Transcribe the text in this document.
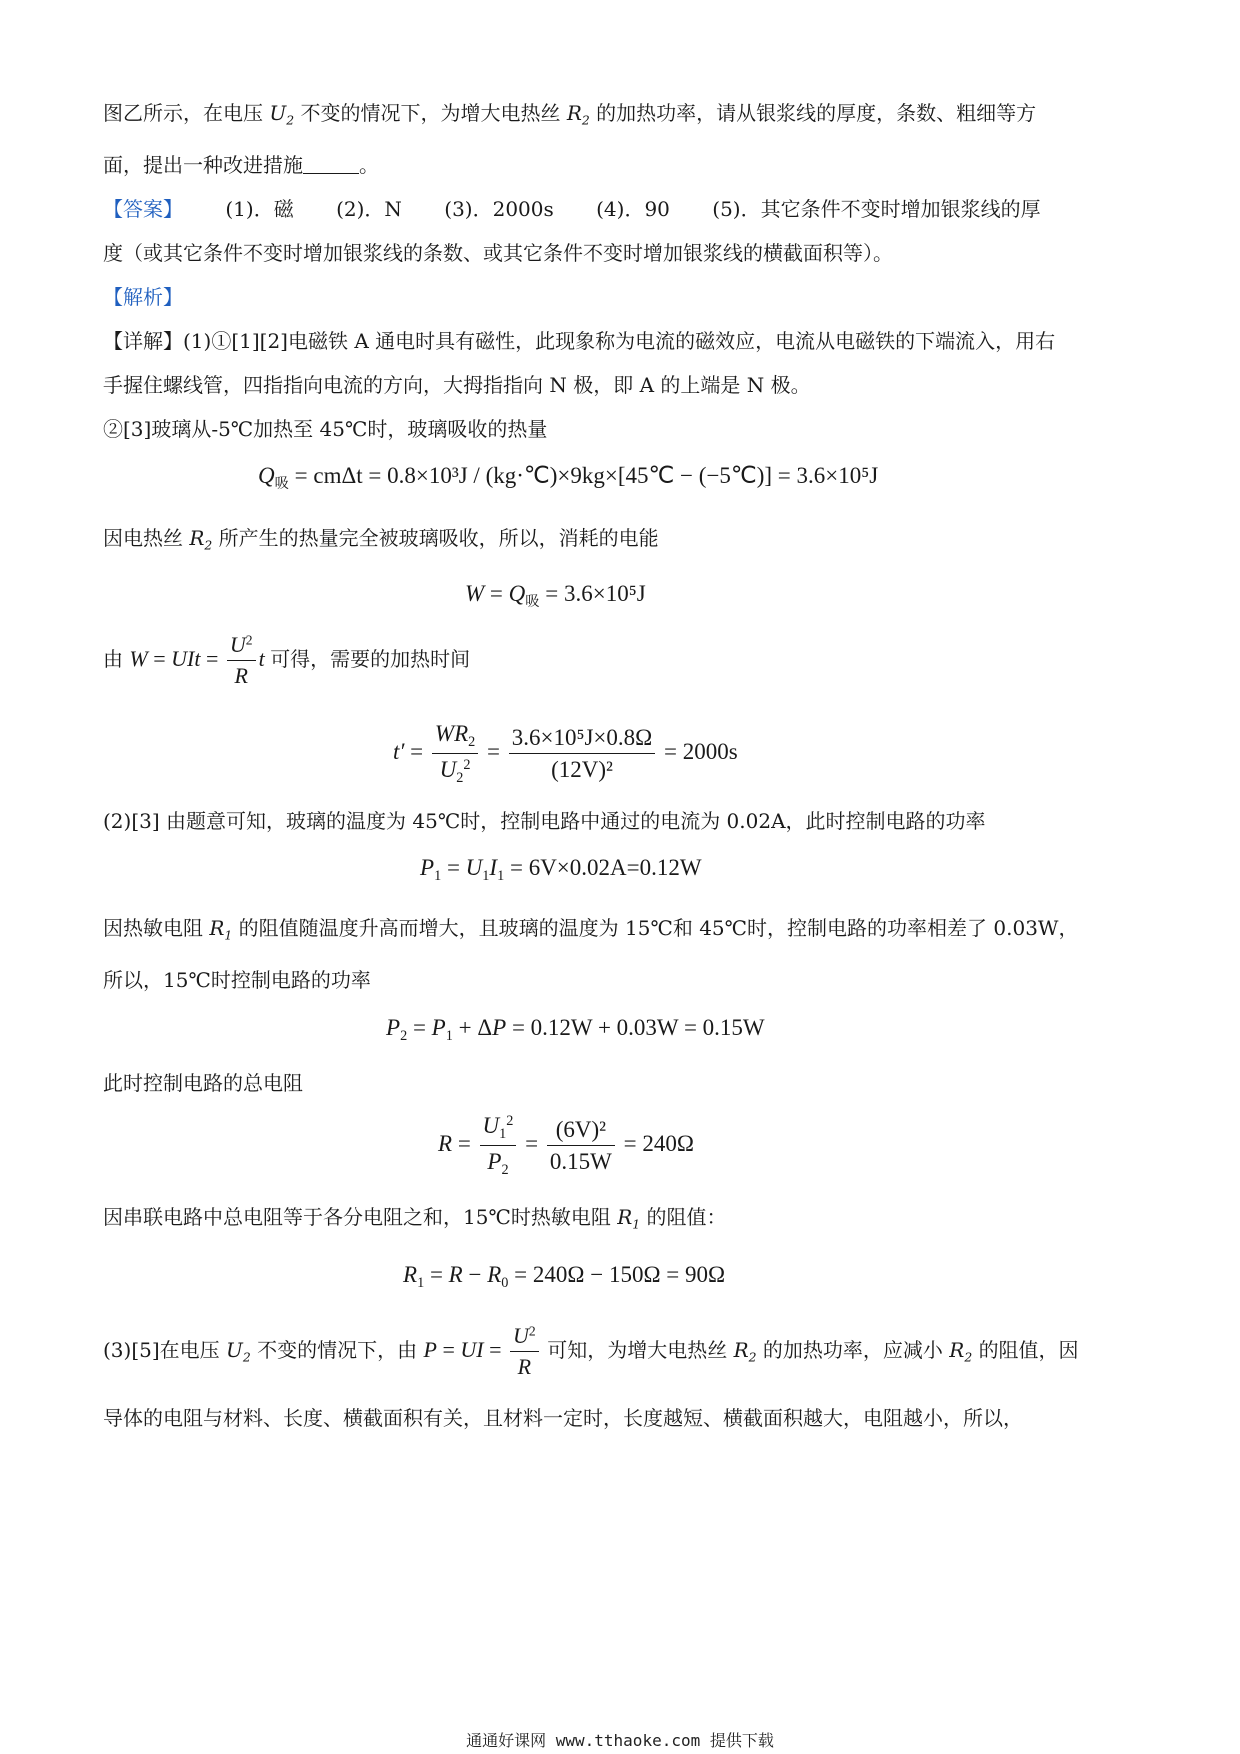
图乙所示，在电压 $U_2$ 不变的情况下，为增大电热丝 $R_2$ 的加热功率，请从银浆线的厚度，条数、粗细等方
面，提出一种改进措施	。
【答案】 (1)．磁 (2)．N (3)．2000s (4)．90 (5)．其它条件不变时增加银浆线的厚
度（或其它条件不变时增加银浆线的条数、或其它条件不变时增加银浆线的横截面积等）。
【解析】
【详解】(1)①[1][2]电磁铁 A 通电时具有磁性，此现象称为电流的磁效应，电流从电磁铁的下端流入，用右
手握住螺线管，四指指向电流的方向，大拇指指向 N 极，即 A 的上端是 N 极。
②[3]玻璃从-5℃加热至 45℃时，玻璃吸收的热量
$Q_吸 = cm\Delta t = 0.8\times 10^3J$ / (kg·℃)×9kg×[45℃ − (−5℃)] = 3.6×10⁵J
因电热丝 $R_2$ 所产生的热量完全被玻璃吸收，所以，消耗的电能
$W = Q_吸 = 3.6\times 10^5J$
由 W = UIt = $\frac{U^2}{R}$ t 可得，需要的加热时间
$t' = \frac{WR_2}{U_2^2} = \frac{\text{3.6×10⁵J×0.8Ω}}{\text{(12V)²}} = 2000s$
(2)[3] 由题意可知，玻璃的温度为 45℃时，控制电路中通过的电流为 0.02A，此时控制电路的功率
$P_1 = U_1I_1 = 6V\times 0.02A=0.12W$
因热敏电阻 $R_1$ 的阻值随温度升高而增大，且玻璃的温度为 15℃和 45℃时，控制电路的功率相差了 0.03W，
所以，15℃时控制电路的功率
$P_2 = P_1 + \Delta P = 0.12W + 0.03W = 0.15W$
此时控制电路的总电阻
$R = \frac{U_1^2}{P_2} = \frac{\text{(6V)²}}{0.15W} = 240\Omega$
因串联电路中总电阻等于各分电阻之和，15℃时热敏电阻 $R_1$ 的阻值：
$R_1 = R - R_0 = 240\Omega - 150\Omega = 90\Omega$
(3)[5]在电压 $U_2$ 不变的情况下，由 P = UI = $\frac{U^2}{R}$ 可知，为增大电热丝 $R_2$ 的加热功率，应减小 $R_2$ 的阻值，因
导体的电阻与材料、长度、横截面积有关，且材料一定时，长度越短、横截面积越大，电阻越小，所以，
通通好课网 www.tthaoke.com 提供下载
